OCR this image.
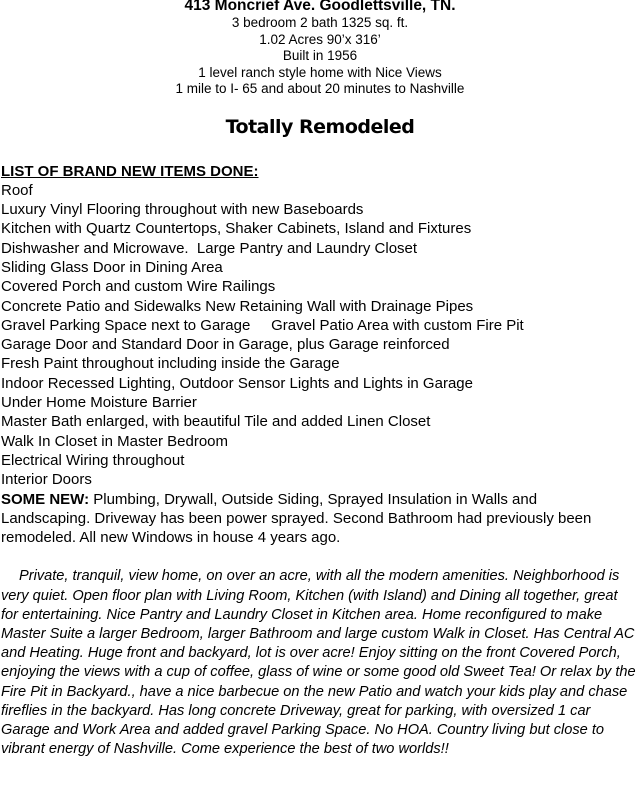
413 Moncrief Ave. Goodlettsville, TN.
3 bedroom 2 bath 1325 sq. ft.
1.02 Acres 90’x 316’
Built in 1956
1 level ranch style home with Nice Views
1 mile to I- 65 and about 20 minutes to Nashville
Totally Remodeled
LIST OF BRAND NEW ITEMS DONE:
Roof
Luxury Vinyl Flooring throughout with new Baseboards
Kitchen with Quartz Countertops, Shaker Cabinets, Island and Fixtures
Dishwasher and Microwave.  Large Pantry and Laundry Closet
Sliding Glass Door in Dining Area
Covered Porch and custom Wire Railings
Concrete Patio and Sidewalks New Retaining Wall with Drainage Pipes
Gravel Parking Space next to Garage     Gravel Patio Area with custom Fire Pit
Garage Door and Standard Door in Garage, plus Garage reinforced
Fresh Paint throughout including inside the Garage
Indoor Recessed Lighting, Outdoor Sensor Lights and Lights in Garage
Under Home Moisture Barrier
Master Bath enlarged, with beautiful Tile and added Linen Closet
Walk In Closet in Master Bedroom
Electrical Wiring throughout
Interior Doors
SOME NEW: Plumbing, Drywall, Outside Siding, Sprayed Insulation in Walls and Landscaping. Driveway has been power sprayed. Second Bathroom had previously been remodeled. All new Windows in house 4 years ago.
Private, tranquil, view home, on over an acre, with all the modern amenities. Neighborhood is very quiet. Open floor plan with Living Room, Kitchen (with Island) and Dining all together, great for entertaining. Nice Pantry and Laundry Closet in Kitchen area. Home reconfigured to make Master Suite a larger Bedroom, larger Bathroom and large custom Walk in Closet. Has Central AC and Heating. Huge front and backyard, lot is over acre! Enjoy sitting on the front Covered Porch, enjoying the views with a cup of coffee, glass of wine or some good old Sweet Tea! Or relax by the Fire Pit in Backyard., have a nice barbecue on the new Patio and watch your kids play and chase fireflies in the backyard. Has long concrete Driveway, great for parking, with oversized 1 car Garage and Work Area and added gravel Parking Space. No HOA. Country living but close to vibrant energy of Nashville. Come experience the best of two worlds!!
